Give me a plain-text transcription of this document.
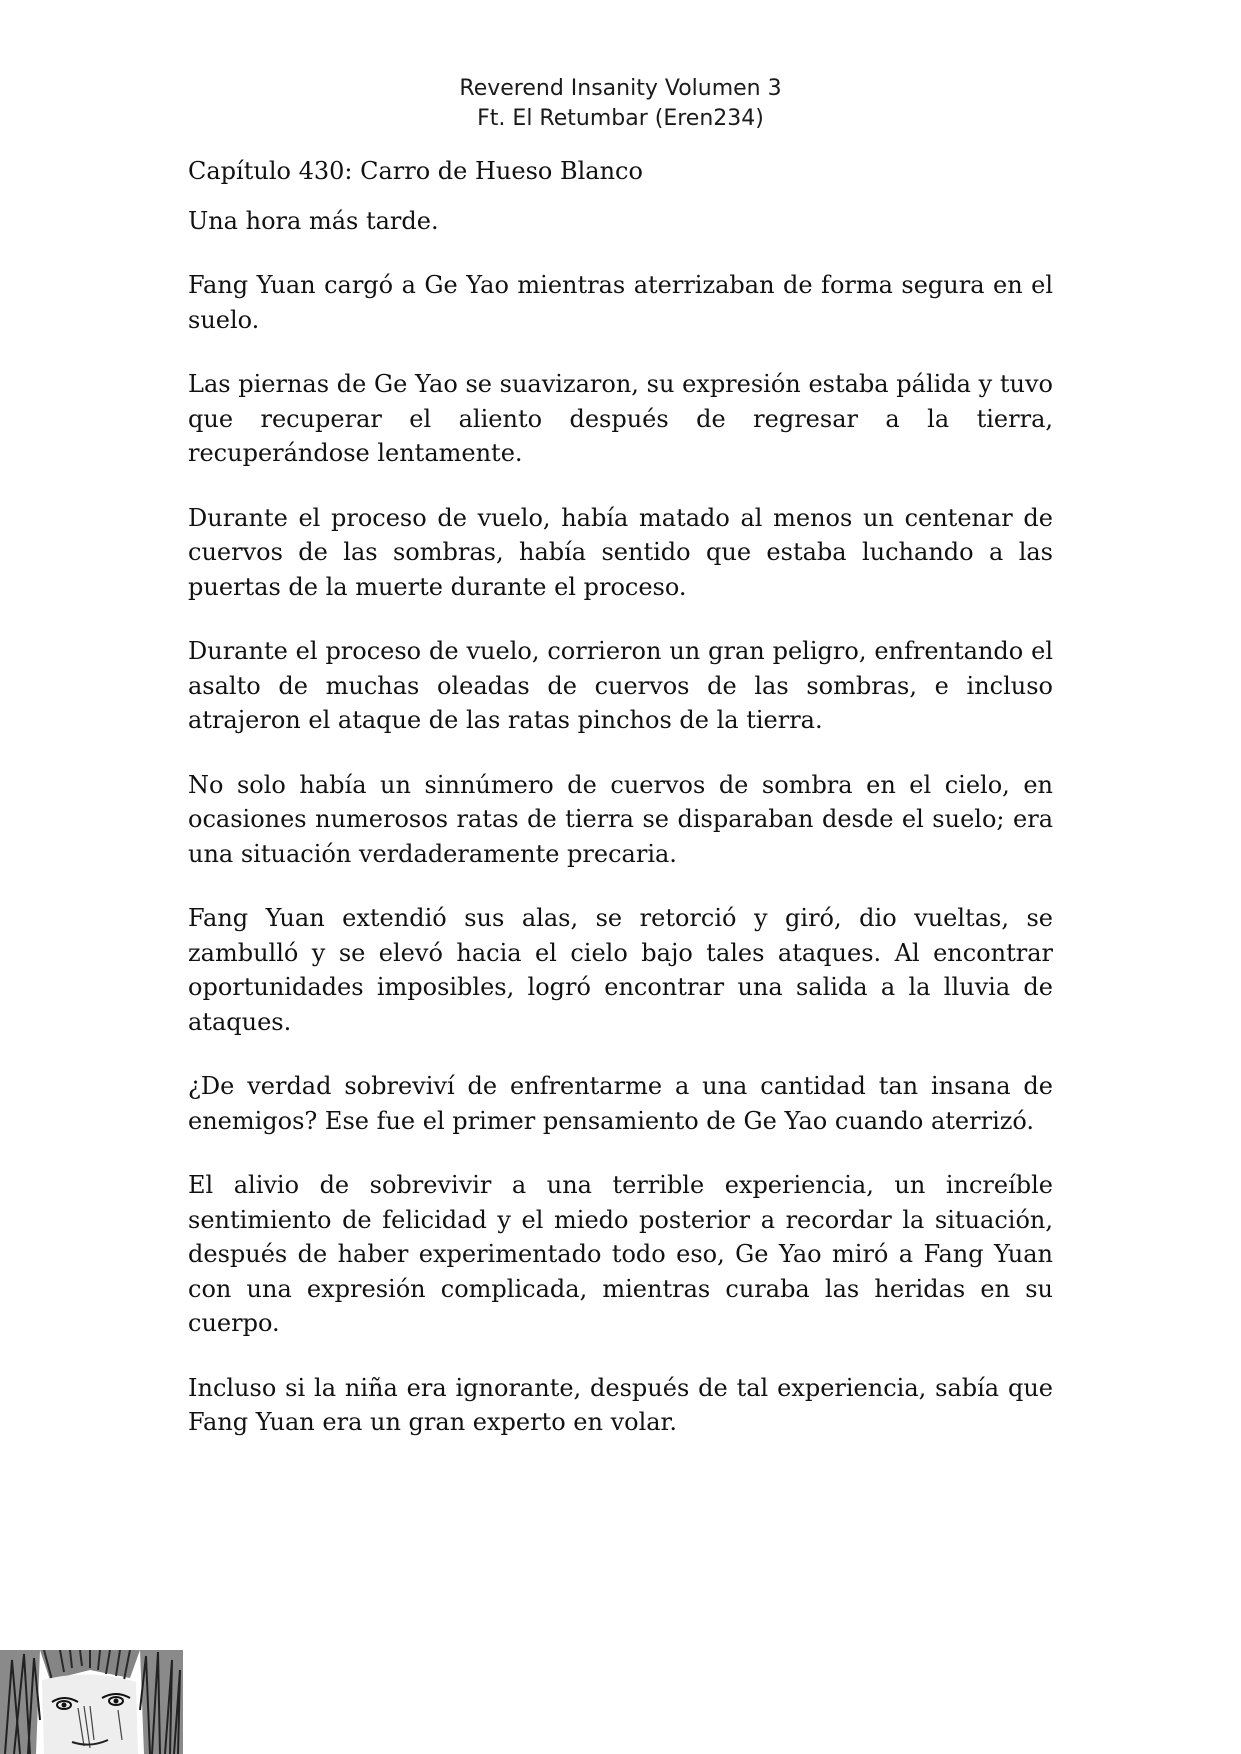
Reverend Insanity Volumen 3
Ft. El Retumbar (Eren234)
Capítulo 430: Carro de Hueso Blanco

Una hora más tarde.

Fang Yuan cargó a Ge Yao mientras aterrizaban de forma segura en el suelo.

Las piernas de Ge Yao se suavizaron, su expresión estaba pálida y tuvo que recuperar el aliento después de regresar a la tierra, recuperándose lentamente.

Durante el proceso de vuelo, había matado al menos un centenar de cuervos de las sombras, había sentido que estaba luchando a las puertas de la muerte durante el proceso.

Durante el proceso de vuelo, corrieron un gran peligro, enfrentando el asalto de muchas oleadas de cuervos de las sombras, e incluso atrajeron el ataque de las ratas pinchos de la tierra.

No solo había un sinnúmero de cuervos de sombra en el cielo, en ocasiones numerosos ratas de tierra se disparaban desde el suelo; era una situación verdaderamente precaria.

Fang Yuan extendió sus alas, se retorció y giró, dio vueltas, se zambulló y se elevó hacia el cielo bajo tales ataques. Al encontrar oportunidades imposibles, logró encontrar una salida a la lluvia de ataques.

¿De verdad sobreviví de enfrentarme a una cantidad tan insana de enemigos? Ese fue el primer pensamiento de Ge Yao cuando aterrizó.

El alivio de sobrevivir a una terrible experiencia, un increíble sentimiento de felicidad y el miedo posterior a recordar la situación, después de haber experimentado todo eso, Ge Yao miró a Fang Yuan con una expresión complicada, mientras curaba las heridas en su cuerpo.

Incluso si la niña era ignorante, después de tal experiencia, sabía que Fang Yuan era un gran experto en volar.
